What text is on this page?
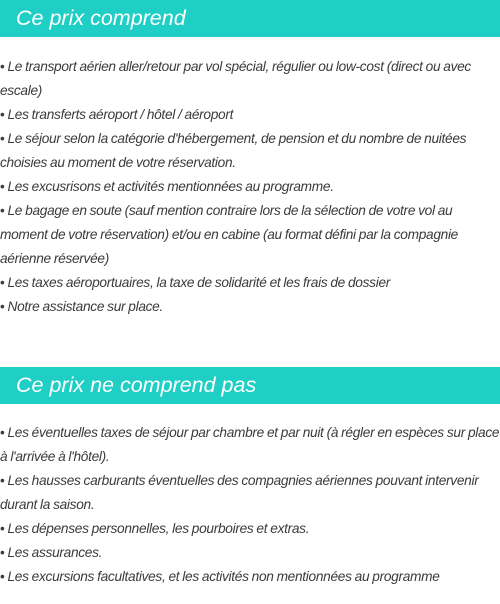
Ce prix comprend
• Le transport aérien aller/retour par vol spécial, régulier ou low-cost (direct ou avec escale)
• Les transferts aéroport / hôtel / aéroport
• Le séjour selon la catégorie d'hébergement, de pension et du nombre de nuitées choisies au moment de votre réservation.
• Les excusrisons et activités mentionnées au programme.
• Le bagage en soute (sauf mention contraire lors de la sélection de votre vol au moment de votre réservation) et/ou en cabine (au format défini par la compagnie aérienne réservée)
• Les taxes aéroportuaires, la taxe de solidarité et les frais de dossier
• Notre assistance sur place.
Ce prix ne comprend pas
• Les éventuelles taxes de séjour par chambre et par nuit (à régler en espèces sur place à l'arrivée à l'hôtel).
• Les hausses carburants éventuelles des compagnies aériennes pouvant intervenir durant la saison.
• Les dépenses personnelles, les pourboires et extras.
• Les assurances.
• Les excursions facultatives, et les activités non mentionnées au programme
